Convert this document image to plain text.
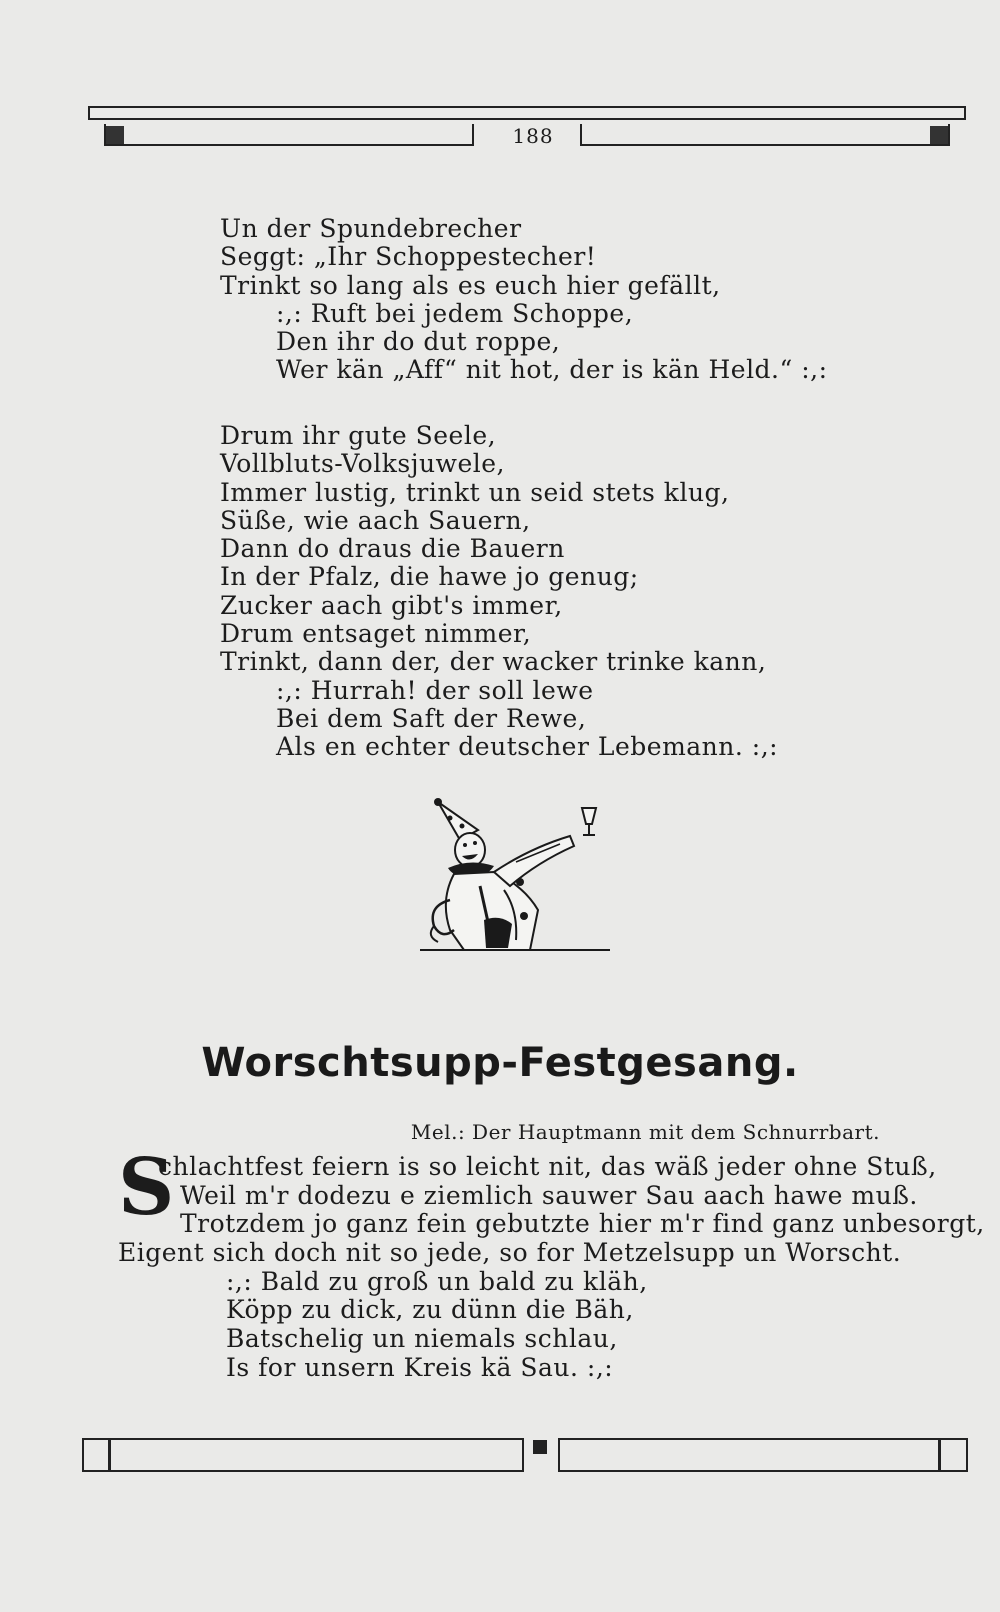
188
Un der Spundebrecher
Seggt: „Ihr Schoppestecher!
Trinkt so lang als es euch hier gefällt,
:,: Ruft bei jedem Schoppe,
Den ihr do dut roppe,
Wer kän „Aff“ nit hot, der is kän Held.“ :,:
Drum ihr gute Seele,
Vollbluts-Volksjuwele,
Immer lustig, trinkt un seid stets klug,
Süße, wie aach Sauern,
Dann do draus die Bauern
In der Pfalz, die hawe jo genug;
Zucker aach gibt's immer,
Drum entsaget nimmer,
Trinkt, dann der, der wacker trinke kann,
:,: Hurrah! der soll lewe
Bei dem Saft der Rewe,
Als en echter deutscher Lebemann. :,:
Worschtsupp-Festgesang.
Mel.: Der Hauptmann mit dem Schnurrbart.
S
chlachtfest feiern is so leicht nit, das wäß jeder ohne Stuß,
Weil m'r dodezu e ziemlich sauwer Sau aach hawe muß.
Trotzdem jo ganz fein gebutzte hier m'r find ganz unbesorgt,
Eigent sich doch nit so jede, so for Metzelsupp un Worscht.
:,: Bald zu groß un bald zu kläh,
Köpp zu dick, zu dünn die Bäh,
Batschelig un niemals schlau,
Is for unsern Kreis kä Sau. :,:
